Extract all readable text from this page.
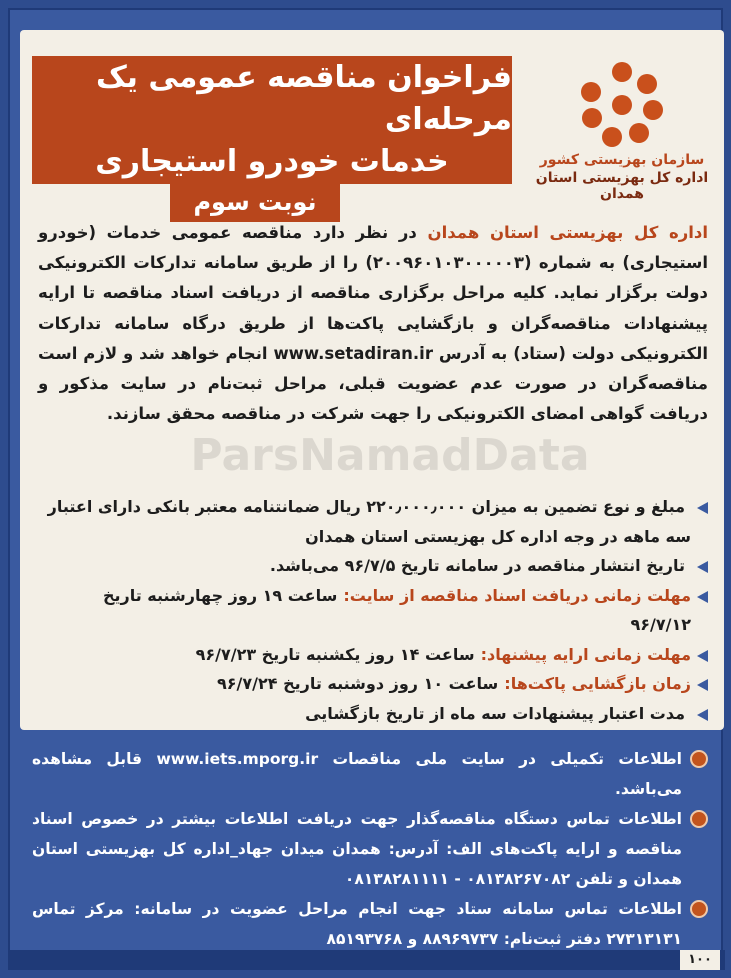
فراخوان مناقصه عمومی یک مرحله‌ای
خدمات خودرو استیجاری
نوبت سوم
سازمان بهزیستی کشور
اداره کل بهزیستی استان همدان
ParsNamadData
اداره کل بهزیستی استان همدان در نظر دارد مناقصه عمومی خدمات (خودرو استیجاری) به شماره (۲۰۰۹۶۰۱۰۳۰۰۰۰۰۳) را از طریق سامانه تدارکات الکترونیکی دولت برگزار نماید. کلیه مراحل برگزاری مناقصه از دریافت اسناد مناقصه تا ارایه پیشنهادات مناقصه‌گران و بازگشایی پاکت‌ها از طریق درگاه سامانه تدارکات الکترونیکی دولت (ستاد) به آدرس www.setadiran.ir انجام خواهد شد و لازم است مناقصه‌گران در صورت عدم عضویت قبلی، مراحل ثبت‌نام در سایت مذکور و دریافت گواهی امضای الکترونیکی را جهت شرکت در مناقصه محقق سازند.
مبلغ و نوع تضمین به میزان ۲۲۰٫۰۰۰٫۰۰۰ ریال ضمانتنامه معتبر بانکی دارای اعتبار سه ماهه در وجه اداره کل بهزیستی استان همدان
تاریخ انتشار مناقصه در سامانه تاریخ ۹۶/۷/۵ می‌باشد.
مهلت زمانی دریافت اسناد مناقصه از سایت:ساعت ۱۹ روز چهارشنبه تاریخ ۹۶/۷/۱۲
مهلت زمانی ارایه پیشنهاد:ساعت ۱۴ روز یکشنبه تاریخ ۹۶/۷/۲۳
زمان بازگشایی پاکت‌ها:ساعت ۱۰ روز دوشنبه تاریخ ۹۶/۷/۲۴
مدت اعتبار پیشنهادات سه ماه از تاریخ بازگشایی
اطلاعات تکمیلی در سایت ملی مناقصات www.iets.mporg.ir قابل مشاهده می‌باشد.
اطلاعات تماس دستگاه مناقصه‌گذار جهت دریافت اطلاعات بیشتر در خصوص اسناد مناقصه و ارایه پاکت‌های الف: آدرس: همدان میدان جهاد_اداره کل بهزیستی استان همدان و تلفن ۰۸۱۳۸۲۶۷۰۸۲ - ۰۸۱۳۸۲۸۱۱۱۱
اطلاعات تماس سامانه ستاد جهت انجام مراحل عضویت در سامانه: مرکز تماس ۲۷۳۱۳۱۳۱ دفتر ثبت‌نام: ۸۸۹۶۹۷۳۷ و ۸۵۱۹۳۷۶۸
۱۰۰
